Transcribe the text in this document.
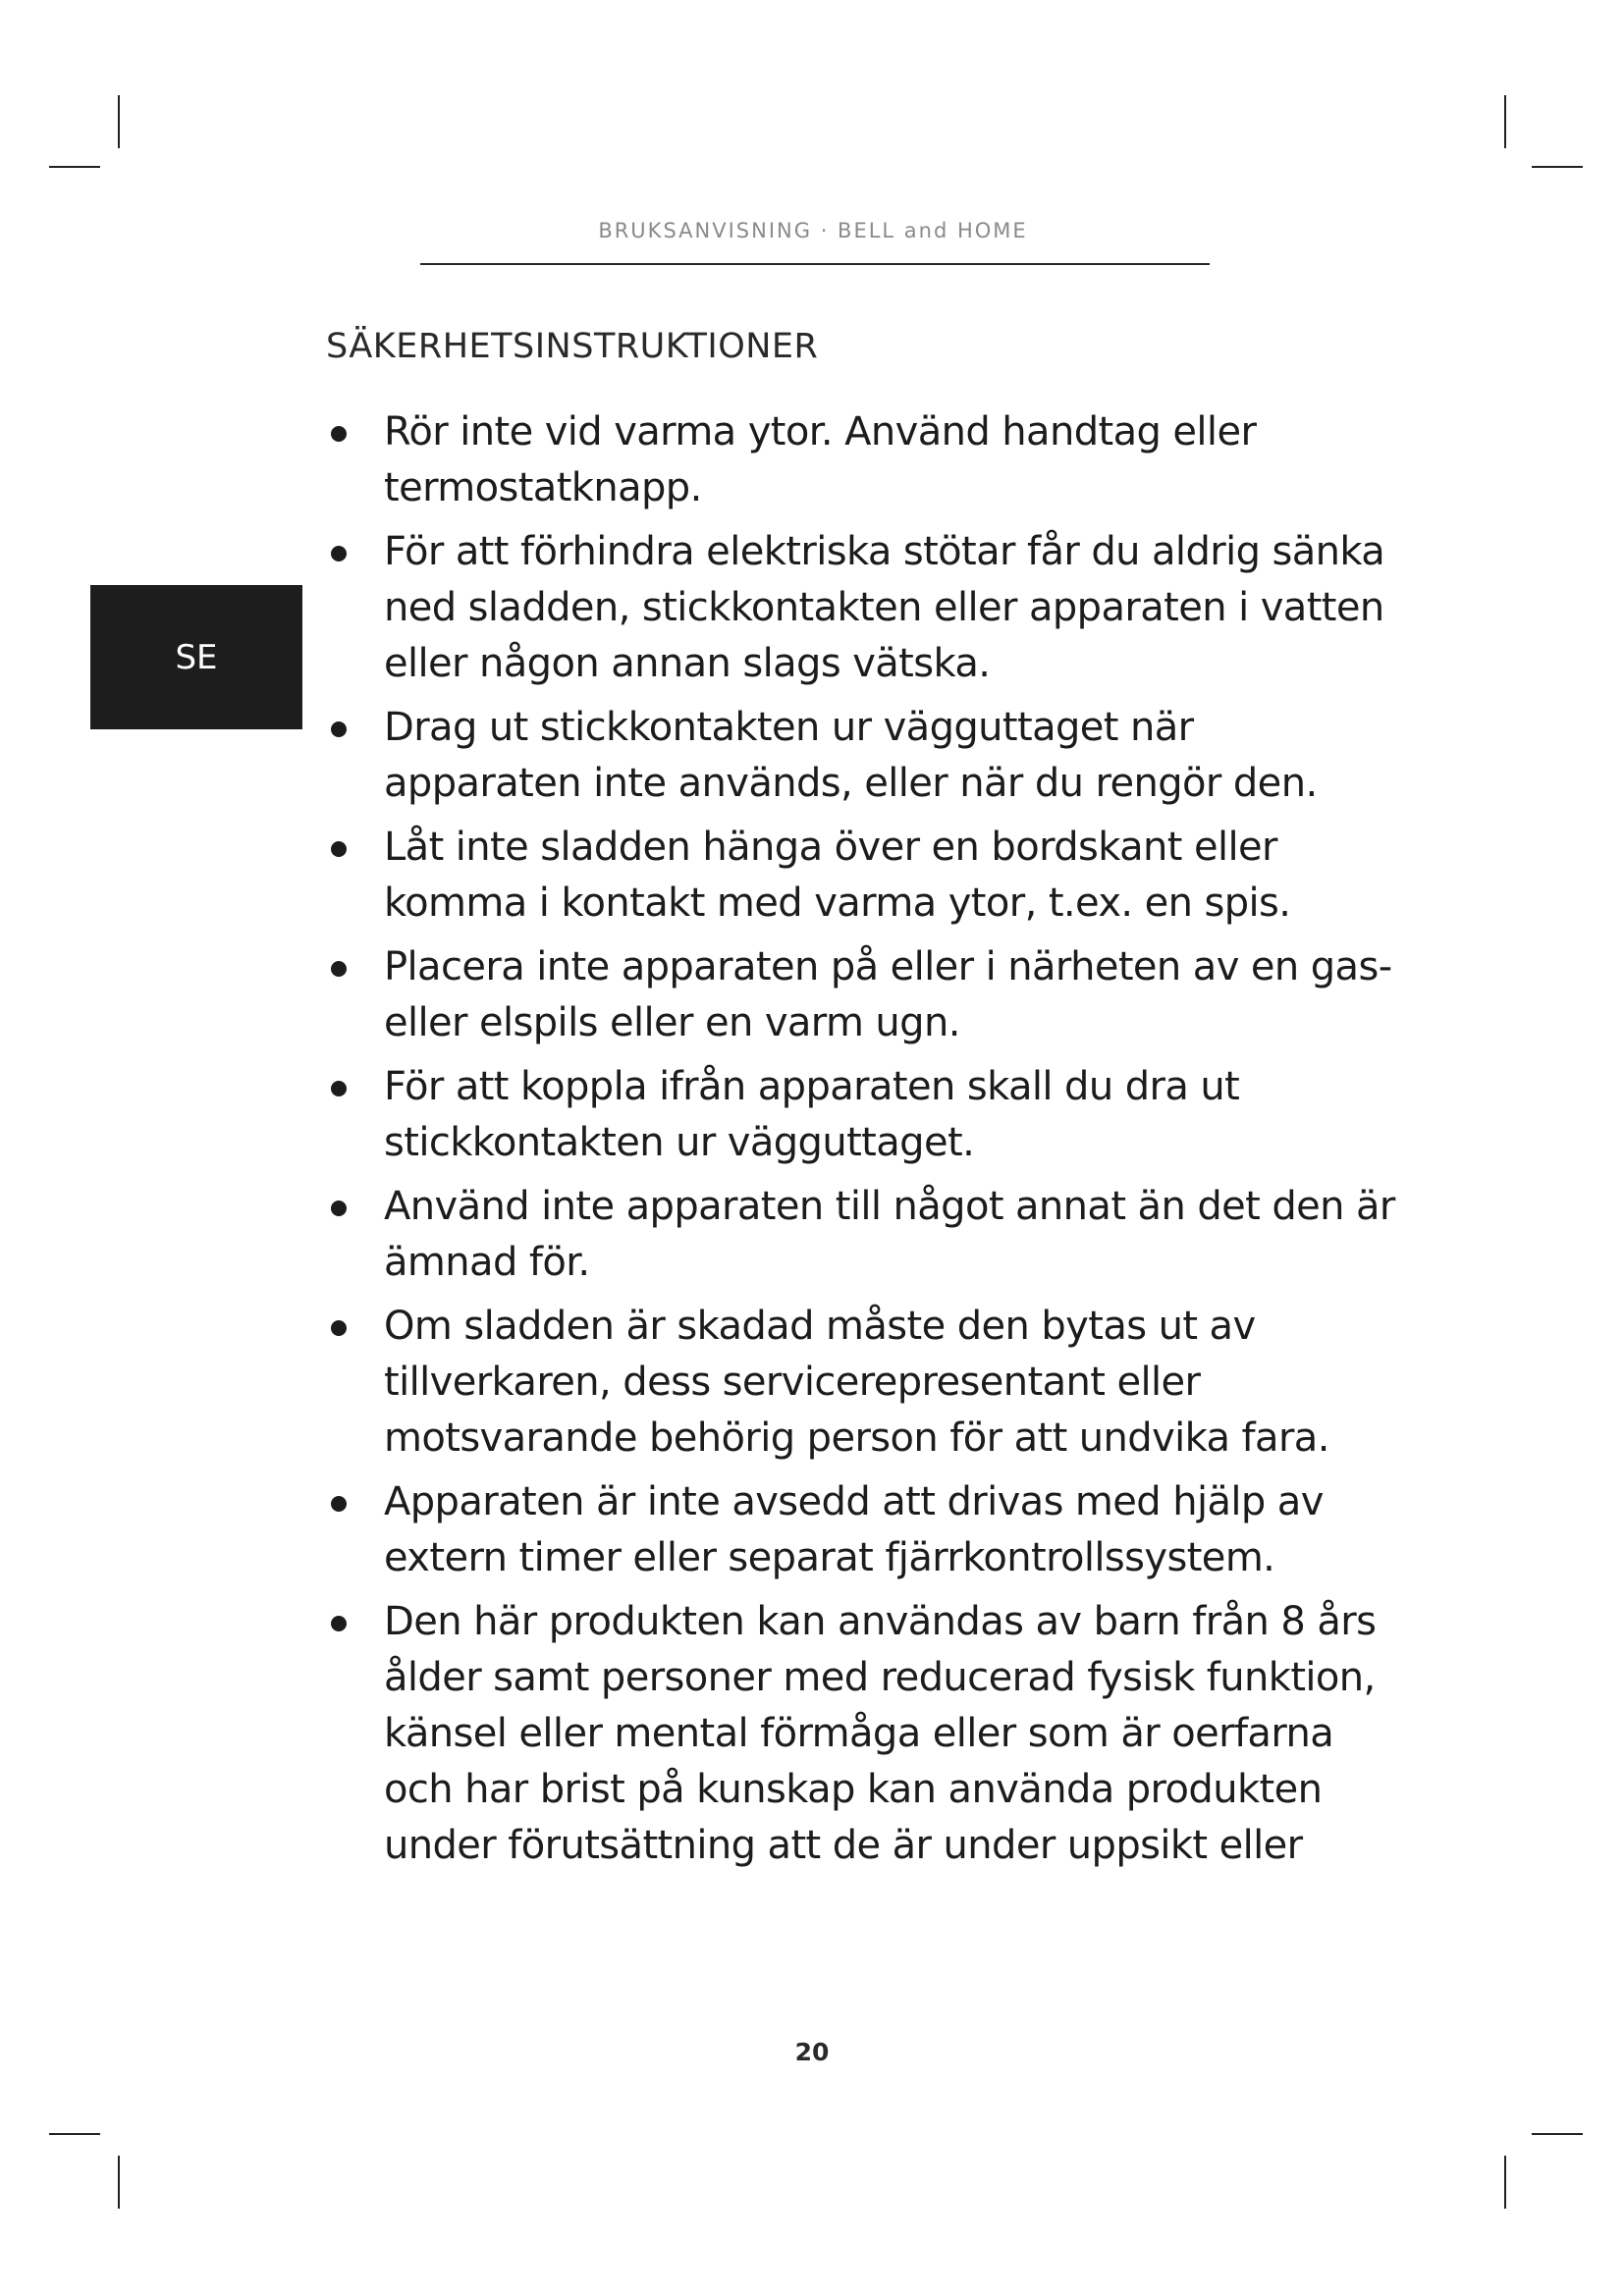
BRUKSANVISNING · BELL and HOME
SE
SÄKERHETSINSTRUKTIONER
Rör inte vid varma ytor. Använd handtag eller termostatknapp.
För att förhindra elektriska stötar får du aldrig sänka ned sladden, stickkontakten eller apparaten i vatten eller någon annan slags vätska.
Drag ut stickkontakten ur vägguttaget när apparaten inte används, eller när du rengör den.
Låt inte sladden hänga över en bordskant eller komma i kontakt med varma ytor, t.ex. en spis.
Placera inte apparaten på eller i närheten av en gas- eller elspils eller en varm ugn.
För att koppla ifrån apparaten skall du dra ut stickkontakten ur vägguttaget.
Använd inte apparaten till något annat än det den är ämnad för.
Om sladden är skadad måste den bytas ut av tillverkaren, dess servicerepresentant eller motsvarande behörig person för att undvika fara.
Apparaten är inte avsedd att drivas med hjälp av extern timer eller separat fjärrkontrollssystem.
Den här produkten kan användas av barn från 8 års ålder samt personer med reducerad fysisk funktion, känsel eller mental förmåga eller som är oerfarna och har brist på kunskap kan använda produkten under förutsättning att de är under uppsikt eller
20
